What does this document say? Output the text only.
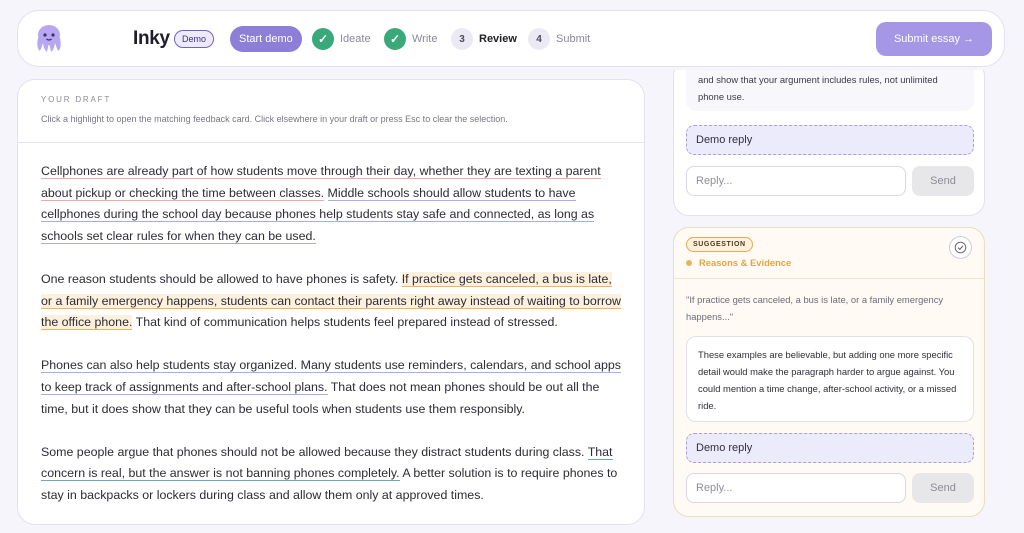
Inky	Demo	Start demo	✓	Ideate	✓	Write	3	Review	4	Submit	Submit essay →
YOUR DRAFT
Click a highlight to open the matching feedback card. Click elsewhere in your draft or press Esc to clear the selection.

Cellphones are already part of how students move through their day, whether they are texting a parent about pickup or checking the time between classes. Middle schools should allow students to have cellphones during the school day because phones help students stay safe and connected, as long as schools set clear rules for when they can be used.

One reason students should be allowed to have phones is safety. If practice gets canceled, a bus is late, or a family emergency happens, students can contact their parents right away instead of waiting to borrow the office phone. That kind of communication helps students feel prepared instead of stressed.

Phones can also help students stay organized. Many students use reminders, calendars, and school apps to keep track of assignments and after-school plans. That does not mean phones should be out all the time, but it does show that they can be useful tools when students use them responsibly.

Some people argue that phones should not be allowed because they distract students during class. That concern is real, but the answer is not banning phones completely. A better solution is to require phones to stay in backpacks or lockers during class and allow them only at approved times.

and show that your argument includes rules, not unlimited phone use.
Demo reply
Reply...	Send
SUGGESTION
Reasons & Evidence
"If practice gets canceled, a bus is late, or a family emergency happens..."
These examples are believable, but adding one more specific detail would make the paragraph harder to argue against. You could mention a time change, after-school activity, or a missed ride.
Demo reply
Reply...	Send
